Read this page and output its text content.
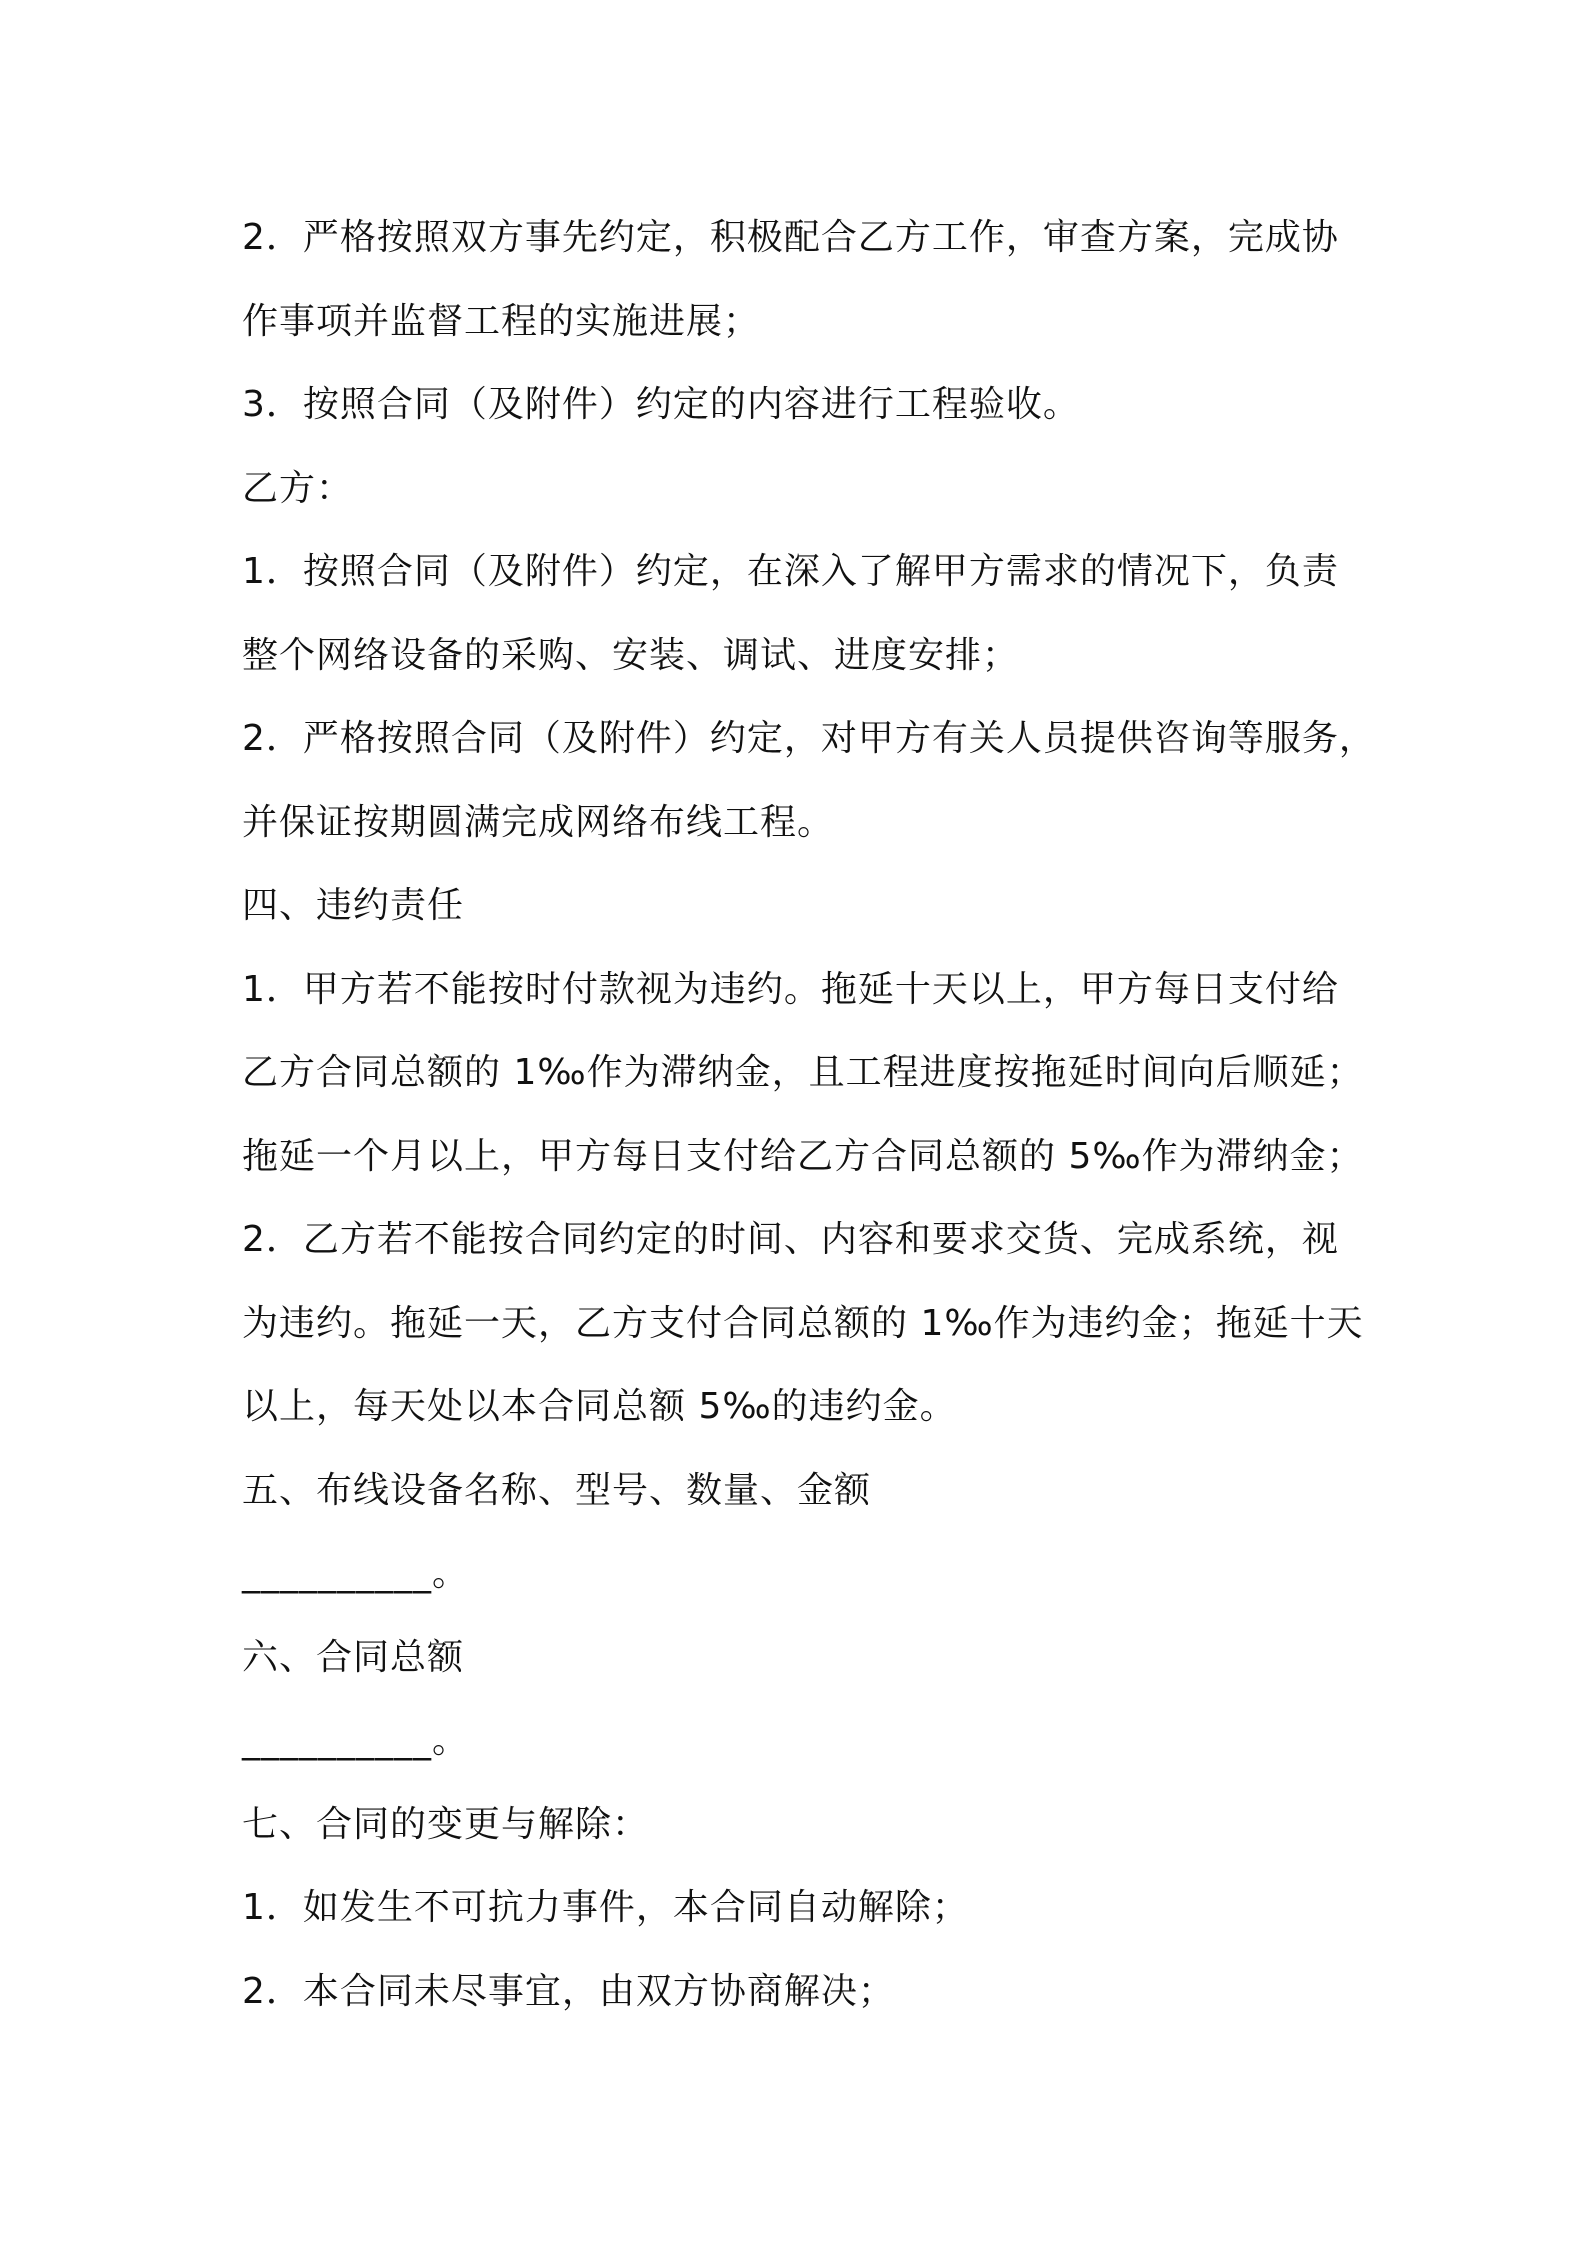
2．严格按照双方事先约定，积极配合乙方工作，审查方案，完成协
作事项并监督工程的实施进展；
3．按照合同（及附件）约定的内容进行工程验收。
乙方：
1．按照合同（及附件）约定，在深入了解甲方需求的情况下，负责
整个网络设备的采购、安装、调试、进度安排；
2．严格按照合同（及附件）约定，对甲方有关人员提供咨询等服务，
并保证按期圆满完成网络布线工程。
四、违约责任
1．甲方若不能按时付款视为违约。拖延十天以上，甲方每日支付给
乙方合同总额的 1‰作为滞纳金，且工程进度按拖延时间向后顺延；
拖延一个月以上，甲方每日支付给乙方合同总额的 5‰作为滞纳金；
2．乙方若不能按合同约定的时间、内容和要求交货、完成系统，视
为违约。拖延一天，乙方支付合同总额的 1‰作为违约金；拖延十天
以上，每天处以本合同总额 5‰的违约金。
五、布线设备名称、型号、数量、金额
__________。
六、合同总额
__________。
七、合同的变更与解除：
1．如发生不可抗力事件，本合同自动解除；
2．本合同未尽事宜，由双方协商解决；
